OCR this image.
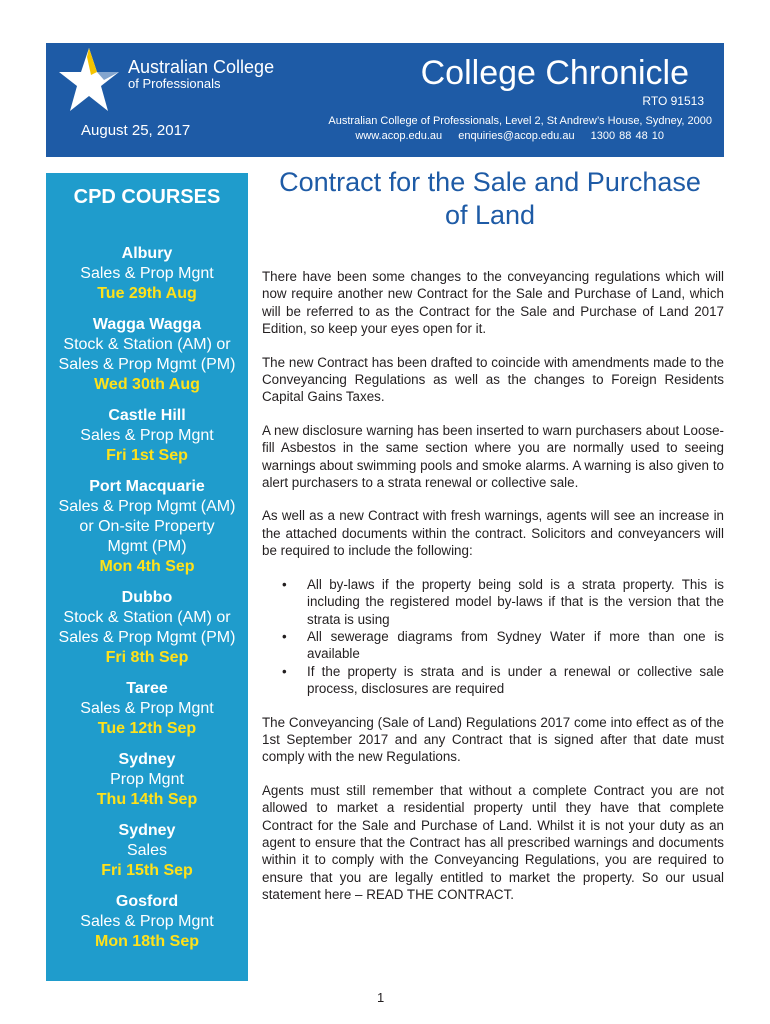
Australian College
of Professionals	College Chronicle
RTO 91513
Australian College of Professionals, Level 2, St Andrew’s House, Sydney, 2000
www.acop.edu.au enquiries@acop.edu.au 1300 88 48 10
August 25, 2017
CPD COURSES
Albury
Sales & Prop Mgnt
Tue 29th Aug
Wagga Wagga
Stock & Station (AM) or
Sales & Prop Mgmt (PM)
Wed 30th Aug
Castle Hill
Sales & Prop Mgnt
Fri 1st Sep
Port Macquarie
Sales & Prop Mgmt (AM)
or On-site Property
Mgmt (PM)
Mon 4th Sep
Dubbo
Stock & Station (AM) or
Sales & Prop Mgmt (PM)
Fri 8th Sep
Taree
Sales & Prop Mgnt
Tue 12th Sep
Sydney
Prop Mgnt
Thu 14th Sep
Sydney
Sales
Fri 15th Sep
Gosford
Sales & Prop Mgnt
Mon 18th Sep
Contract for the Sale and Purchase of Land

There have been some changes to the conveyancing regulations which will now require another new Contract for the Sale and Purchase of Land, which will be referred to as the Contract for the Sale and Purchase of Land 2017 Edition, so keep your eyes open for it.

The new Contract has been drafted to coincide with amendments made to the Conveyancing Regulations as well as the changes to Foreign Residents Capital Gains Taxes.

A new disclosure warning has been inserted to warn purchasers about Loose-fill Asbestos in the same section where you are normally used to seeing warnings about swimming pools and smoke alarms. A warning is also given to alert purchasers to a strata renewal or collective sale.

As well as a new Contract with fresh warnings, agents will see an increase in the attached documents within the contract. Solicitors and conveyancers will be required to include the following:

• All by-laws if the property being sold is a strata property. This is including the registered model by-laws if that is the version that the strata is using
• All sewerage diagrams from Sydney Water if more than one is available
• If the property is strata and is under a renewal or collective sale process, disclosures are required

The Conveyancing (Sale of Land) Regulations 2017 come into effect as of the 1st September 2017 and any Contract that is signed after that date must comply with the new Regulations.

Agents must still remember that without a complete Contract you are not allowed to market a residential property until they have that complete Contract for the Sale and Purchase of Land. Whilst it is not your duty as an agent to ensure that the Contract has all prescribed warnings and documents within it to comply with the Conveyancing Regulations, you are required to ensure that you are legally entitled to market the property. So our usual statement here – READ THE CONTRACT.

1
